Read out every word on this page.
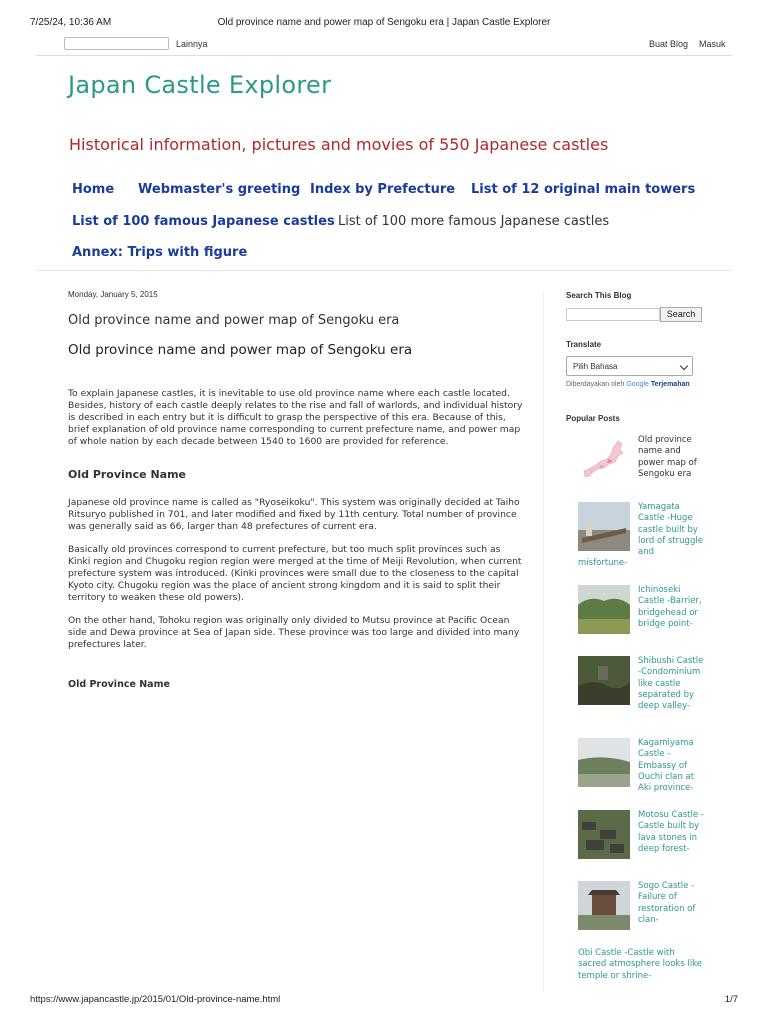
7/25/24, 10:36 AM	Old province name and power map of Sengoku era | Japan Castle Explorer
Lainnya	Buat Blog Masuk
Japan Castle Explorer
Historical information, pictures and movies of 550 Japanese castles
Home Webmaster's greeting Index by Prefecture List of 12 original main towers
List of 100 famous Japanese castles List of 100 more famous Japanese castles
Annex: Trips with figure
Monday, January 5, 2015
Old province name and power map of Sengoku era
Old province name and power map of Sengoku era

To explain Japanese castles, it is inevitable to use old province name where each castle located. Besides, history of each castle deeply relates to the rise and fall of warlords, and individual history is described in each entry but it is difficult to grasp the perspective of this era. Because of this, brief explanation of old province name corresponding to current prefecture name, and power map of whole nation by each decade between 1540 to 1600 are provided for reference.

Old Province Name

Japanese old province name is called as "Ryoseikoku". This system was originally decided at Taiho Ritsuryo published in 701, and later modified and fixed by 11th century. Total number of province was generally said as 66, larger than 48 prefectures of current era.

Basically old provinces correspond to current prefecture, but too much split provinces such as Kinki region and Chugoku region region were merged at the time of Meiji Revolution, when current prefecture system was introduced. (Kinki provinces were small due to the closeness to the capital Kyoto city. Chugoku region was the place of ancient strong kingdom and it is said to split their territory to weaken these old powers).

On the other hand, Tohoku region was originally only divided to Mutsu province at Pacific Ocean side and Dewa province at Sea of Japan side. These province was too large and divided into many prefectures later.

Old Province Name
Search This Blog
Search
Translate
Pilih Bahasa
Diberdayakan oleh Google Terjemahan
Popular Posts
Old province name and power map of Sengoku era
Yamagata Castle -Huge castle built by lord of struggle and misfortune-
Ichinoseki Castle -Barrier, bridgehead or bridge point-
Shibushi Castle -Condominium like castle separated by deep valley-
Kagamiyama Castle -Embassy of Ouchi clan at Aki province-
Motosu Castle -Castle built by lava stones in deep forest-
Sogo Castle -Failure of restoration of clan-
Obi Castle -Castle with sacred atmosphere looks like temple or shrine-
https://www.japancastle.jp/2015/01/Old-province-name.html	1/7
